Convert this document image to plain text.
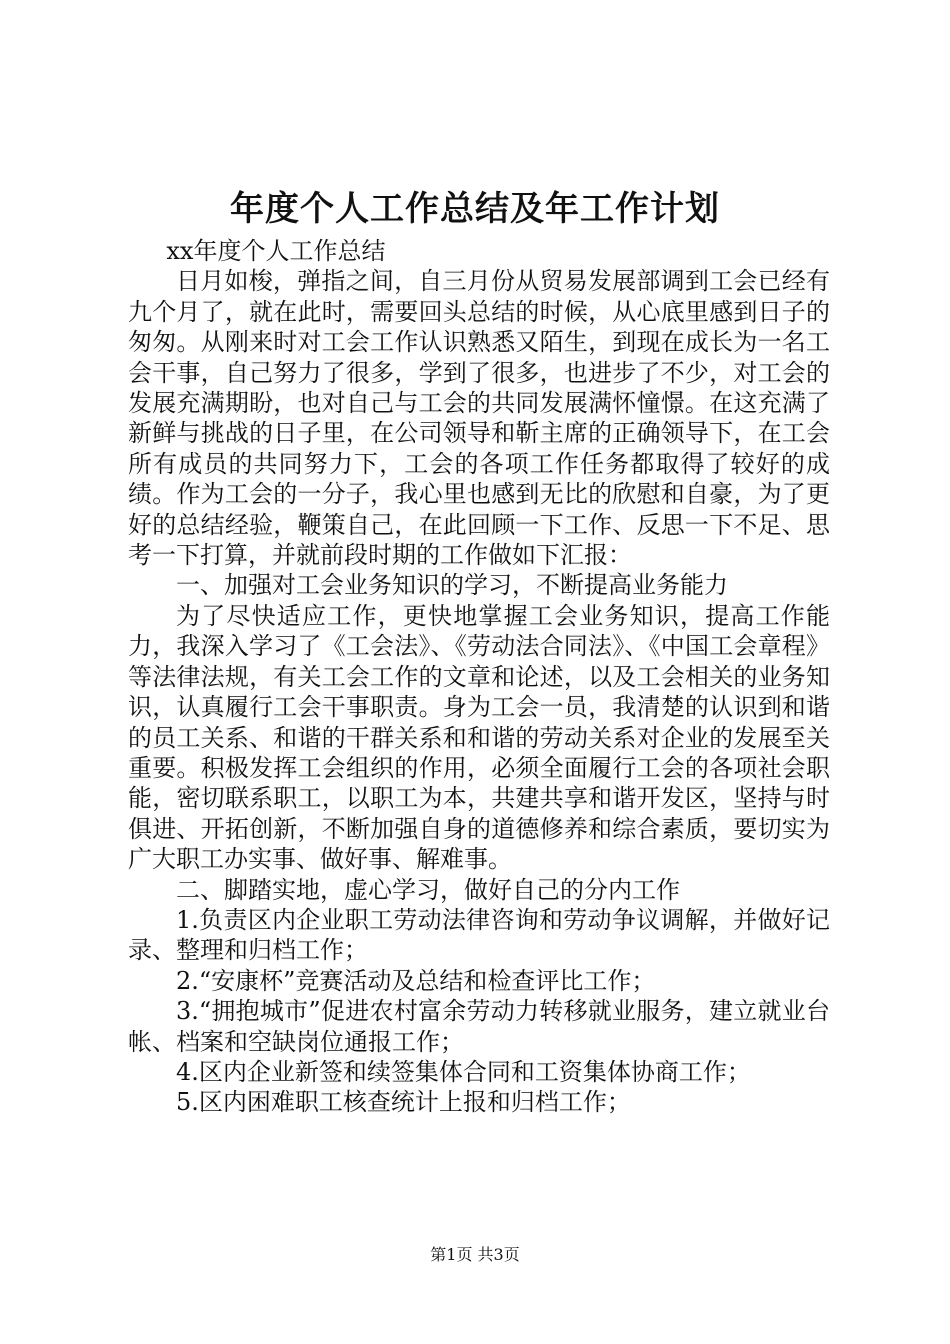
年度个人工作总结及年工作计划

xx年度个人工作总结

日月如梭，弹指之间，自三月份从贸易发展部调到工会已经有九个月了，就在此时，需要回头总结的时候，从心底里感到日子的匆匆。从刚来时对工会工作认识熟悉又陌生，到现在成长为一名工会干事，自己努力了很多，学到了很多，也进步了不少，对工会的发展充满期盼，也对自己与工会的共同发展满怀憧憬。在这充满了新鲜与挑战的日子里，在公司领导和靳主席的正确领导下，在工会所有成员的共同努力下，工会的各项工作任务都取得了较好的成绩。作为工会的一分子，我心里也感到无比的欣慰和自豪，为了更好的总结经验，鞭策自己，在此回顾一下工作、反思一下不足、思考一下打算，并就前段时期的工作做如下汇报：

一、加强对工会业务知识的学习，不断提高业务能力

为了尽快适应工作，更快地掌握工会业务知识，提高工作能力，我深入学习了《工会法》、《劳动法合同法》、《中国工会章程》等法律法规，有关工会工作的文章和论述，以及工会相关的业务知识，认真履行工会干事职责。身为工会一员，我清楚的认识到和谐的员工关系、和谐的干群关系和和谐的劳动关系对企业的发展至关重要。积极发挥工会组织的作用，必须全面履行工会的各项社会职能，密切联系职工，以职工为本，共建共享和谐开发区，坚持与时俱进、开拓创新，不断加强自身的道德修养和综合素质，要切实为广大职工办实事、做好事、解难事。

二、脚踏实地，虚心学习，做好自己的分内工作

1.负责区内企业职工劳动法律咨询和劳动争议调解，并做好记录、整理和归档工作；

2.“安康杯”竞赛活动及总结和检查评比工作；

3.“拥抱城市”促进农村富余劳动力转移就业服务，建立就业台帐、档案和空缺岗位通报工作；

4.区内企业新签和续签集体合同和工资集体协商工作；

5.区内困难职工核查统计上报和归档工作；

第1页 共3页
